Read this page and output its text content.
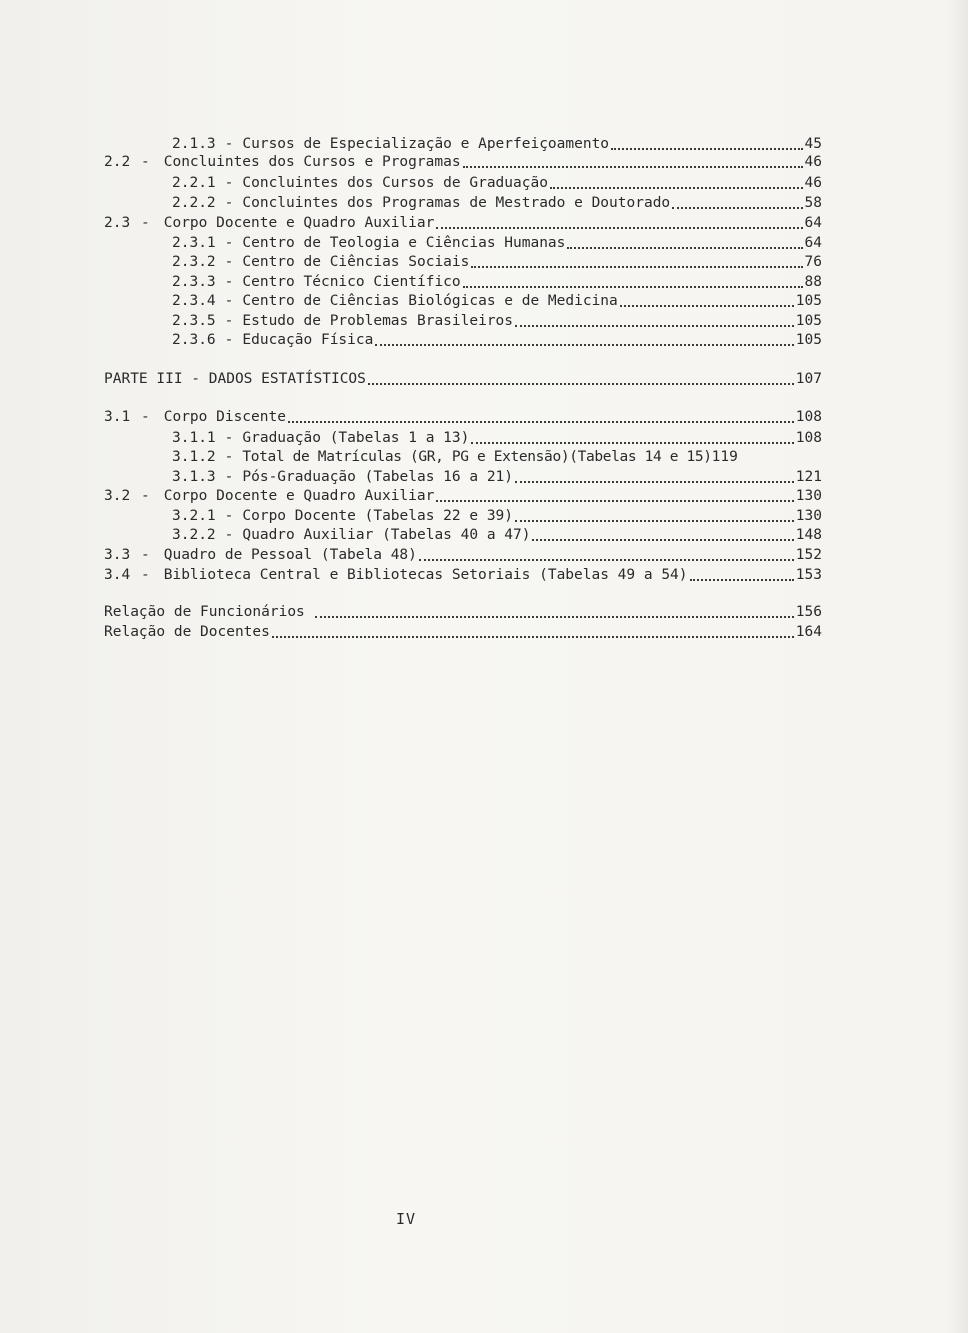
2.1.3 - Cursos de Especialização e Aperfeiçoamento	45
2.2 - Concluintes dos Cursos e Programas	46
2.2.1 - Concluintes dos Cursos de Graduação	46
2.2.2 - Concluintes dos Programas de Mestrado e Doutorado	58
2.3 - Corpo Docente e Quadro Auxiliar	64
2.3.1 - Centro de Teologia e Ciências Humanas	64
2.3.2 - Centro de Ciências Sociais	76
2.3.3 - Centro Técnico Científico	88
2.3.4 - Centro de Ciências Biológicas e de Medicina	105
2.3.5 - Estudo de Problemas Brasileiros	105
2.3.6 - Educação Física	105
PARTE III - DADOS ESTATÍSTICOS	107
3.1 - Corpo Discente	108
3.1.1 - Graduação (Tabelas 1 a 13)	108
3.1.2 - Total de Matrículas (GR, PG e Extensão)(Tabelas 14 e 15) 119
3.1.3 - Pós-Graduação (Tabelas 16 a 21)	121
3.2 - Corpo Docente e Quadro Auxiliar	130
3.2.1 - Corpo Docente (Tabelas 22 e 39)	130
3.2.2 - Quadro Auxiliar (Tabelas 40 a 47)	148
3.3 - Quadro de Pessoal (Tabela 48)	152
3.4 - Biblioteca Central e Bibliotecas Setoriais (Tabelas 49 a 54)	153
Relação de Funcionários	156
Relação de Docentes	164
IV
